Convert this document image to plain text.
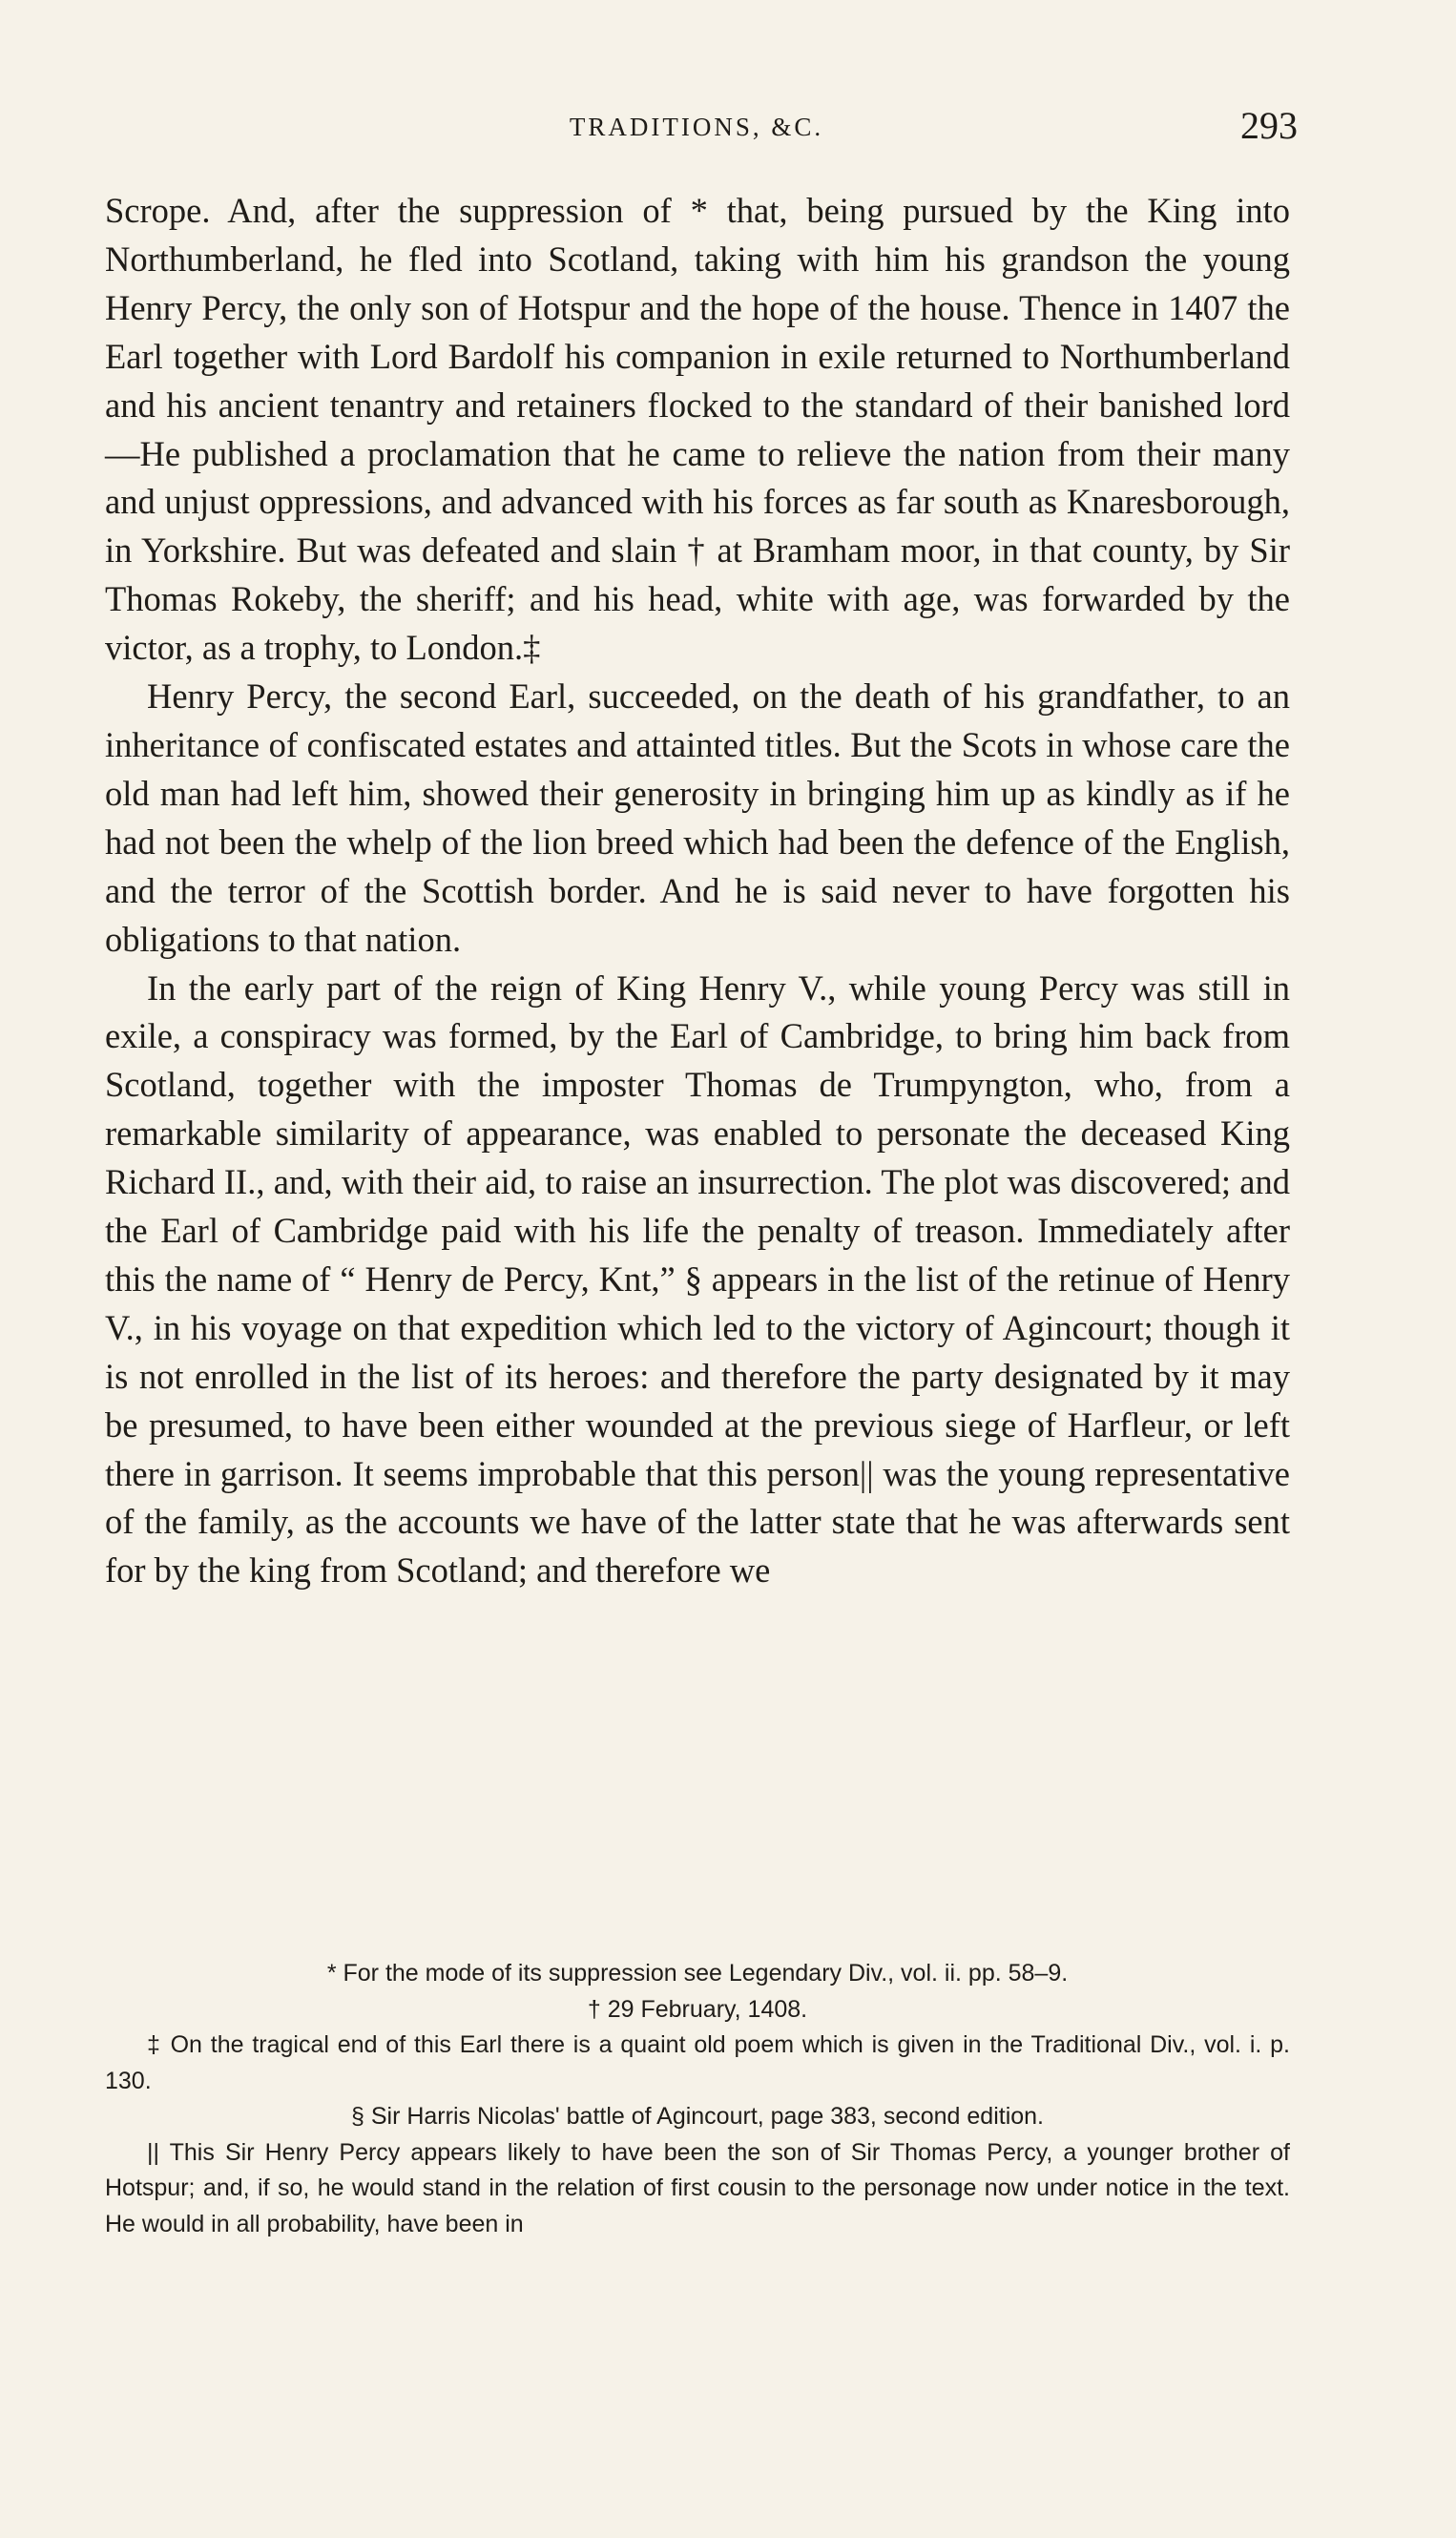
TRADITIONS, &C.	293

Scrope. And, after the suppression of * that, being pursued by the King into Northumberland, he fled into Scotland, taking with him his grandson the young Henry Percy, the only son of Hotspur and the hope of the house. Thence in 1407 the Earl together with Lord Bardolf his companion in exile returned to Northumberland and his ancient tenantry and retainers flocked to the standard of their banished lord—He published a proclamation that he came to relieve the nation from their many and unjust oppressions, and advanced with his forces as far south as Knaresborough, in Yorkshire. But was defeated and slain † at Bramham moor, in that county, by Sir Thomas Rokeby, the sheriff; and his head, white with age, was forwarded by the victor, as a trophy, to London.‡

Henry Percy, the second Earl, succeeded, on the death of his grandfather, to an inheritance of confiscated estates and attainted titles. But the Scots in whose care the old man had left him, showed their generosity in bringing him up as kindly as if he had not been the whelp of the lion breed which had been the defence of the English, and the terror of the Scottish border. And he is said never to have forgotten his obligations to that nation.

In the early part of the reign of King Henry V., while young Percy was still in exile, a conspiracy was formed, by the Earl of Cambridge, to bring him back from Scotland, together with the imposter Thomas de Trumpyngton, who, from a remarkable similarity of appearance, was enabled to personate the deceased King Richard II., and, with their aid, to raise an insurrection. The plot was discovered; and the Earl of Cambridge paid with his life the penalty of treason. Immediately after this the name of “ Henry de Percy, Knt,” § appears in the list of the retinue of Henry V., in his voyage on that expedition which led to the victory of Agincourt; though it is not enrolled in the list of its heroes: and therefore the party designated by it may be presumed, to have been either wounded at the previous siege of Harfleur, or left there in garrison. It seems improbable that this person|| was the young representative of the family, as the accounts we have of the latter state that he was afterwards sent for by the king from Scotland; and therefore we

* For the mode of its suppression see Legendary Div., vol. ii. pp. 58–9.

† 29 February, 1408.

‡ On the tragical end of this Earl there is a quaint old poem which is given in the Traditional Div., vol. i. p. 130.

§ Sir Harris Nicolas' battle of Agincourt, page 383, second edition.

|| This Sir Henry Percy appears likely to have been the son of Sir Thomas Percy, a younger brother of Hotspur; and, if so, he would stand in the relation of first cousin to the personage now under notice in the text. He would in all probability, have been in
